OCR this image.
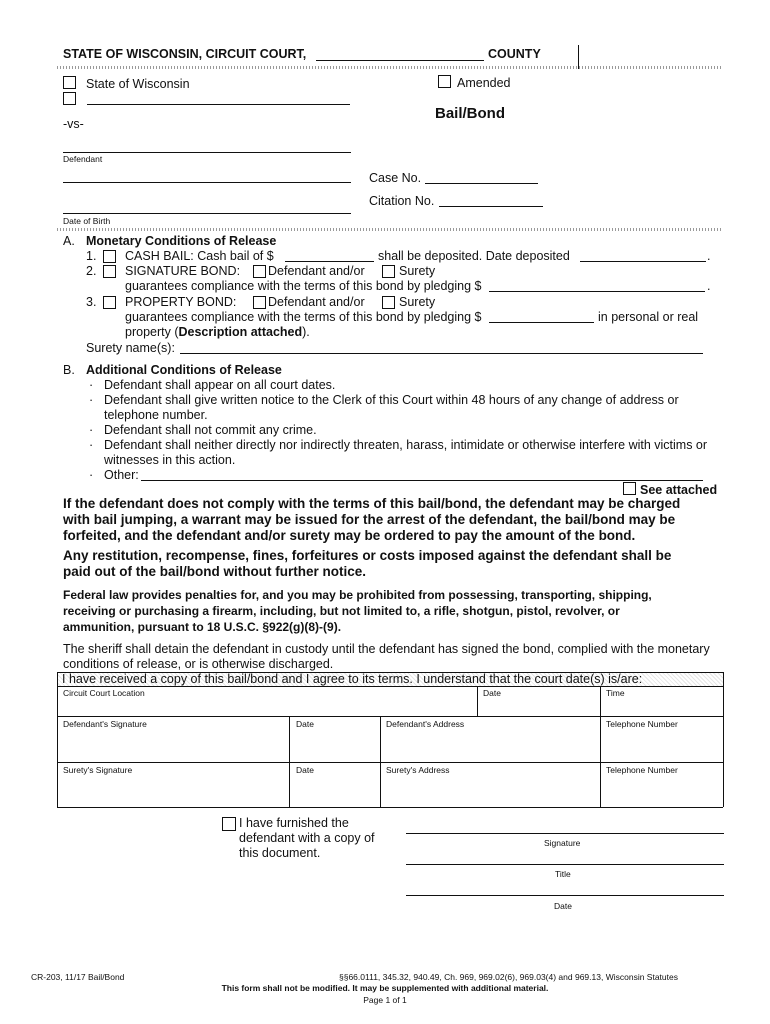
STATE OF WISCONSIN, CIRCUIT COURT,	COUNTY
State of Wisconsin
-vs-
Amended
Bail/Bond
Defendant
Case No.
Citation No.
Date of Birth
A. Monetary Conditions of Release
1. CASH BAIL: Cash bail of $	shall be deposited. Date deposited	.
2. SIGNATURE BOND: Defendant and/or	Surety
guarantees compliance with the terms of this bond by pledging $	.
3. PROPERTY BOND:	Defendant and/or	Surety
guarantees compliance with the terms of this bond by pledging $	in personal or real
property (Description attached).
Surety name(s):
B. Additional Conditions of Release
· Defendant shall appear on all court dates.
· Defendant shall give written notice to the Clerk of this Court within 48 hours of any change of address or
telephone number.
· Defendant shall not commit any crime.
· Defendant shall neither directly nor indirectly threaten, harass, intimidate or otherwise interfere with victims or
witnesses in this action.
· Other:
See attached
If the defendant does not comply with the terms of this bail/bond, the defendant may be charged
with bail jumping, a warrant may be issued for the arrest of the defendant, the bail/bond may be
forfeited, and the defendant and/or surety may be ordered to pay the amount of the bond.
Any restitution, recompense, fines, forfeitures or costs imposed against the defendant shall be
paid out of the bail/bond without further notice.
Federal law provides penalties for, and you may be prohibited from possessing, transporting, shipping,
receiving or purchasing a firearm, including, but not limited to, a rifle, shotgun, pistol, revolver, or
ammunition, pursuant to 18 U.S.C. §922(g)(8)-(9).
The sheriff shall detain the defendant in custody until the defendant has signed the bond, complied with the monetary
conditions of release, or is otherwise discharged.
I have received a copy of this bail/bond and I agree to its terms. I understand that the court date(s) is/are:
Circuit Court Location	Date	Time
Defendant's Signature	Date	Defendant's Address	Telephone Number
Surety's Signature	Date	Surety's Address	Telephone Number
I have furnished the
defendant with a copy of
this document.
Signature
Title
Date
CR-203, 11/17 Bail/Bond	§§66.0111, 345.32, 940.49, Ch. 969, 969.02(6), 969.03(4) and 969.13, Wisconsin Statutes
This form shall not be modified. It may be supplemented with additional material.
Page 1 of 1
